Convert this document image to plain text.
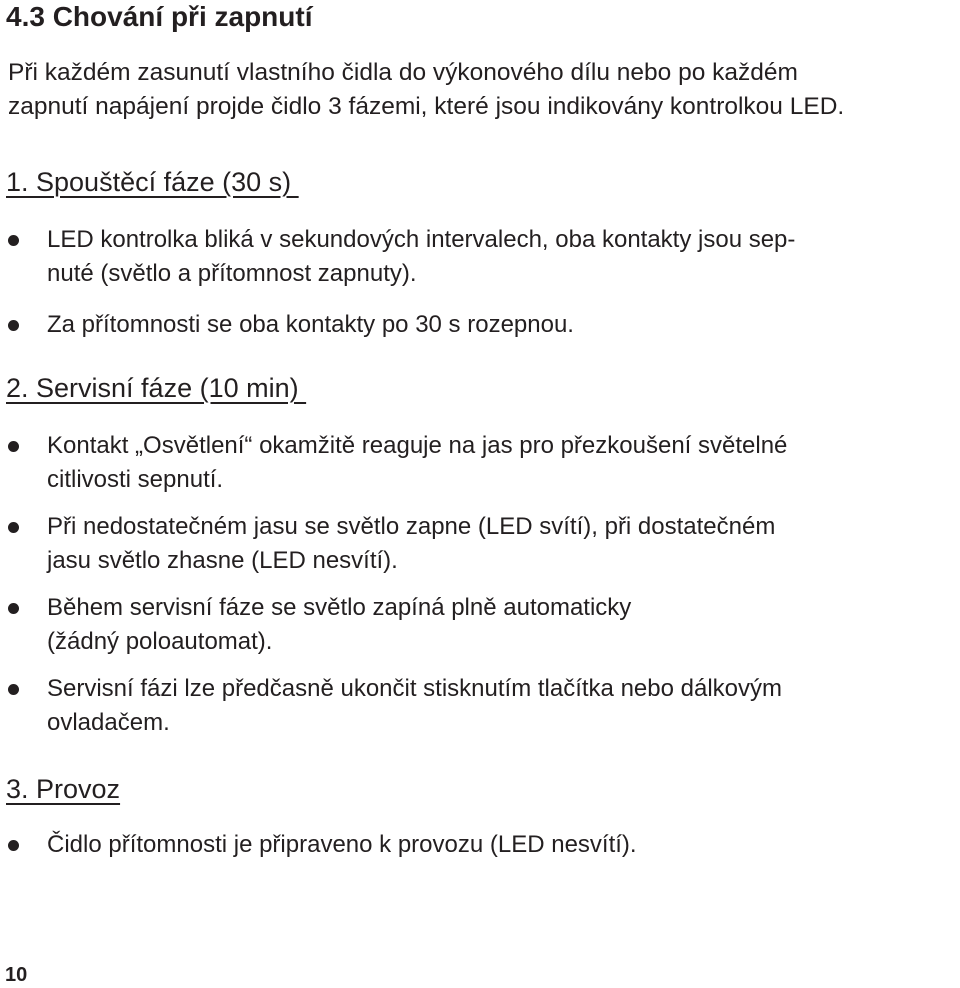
4.3 Chování při zapnutí
Při každém zasunutí vlastního čidla do výkonového dílu nebo po každém
zapnutí napájení projde čidlo 3 fázemi, které jsou indikovány kontrolkou LED.
1. Spouštěcí fáze (30 s)
LED kontrolka bliká v sekundových intervalech, oba kontakty jsou sep-
nuté (světlo a přítomnost zapnuty).
Za přítomnosti se oba kontakty po 30 s rozepnou.
2. Servisní fáze (10 min)
Kontakt „Osvětlení“ okamžitě reaguje na jas pro přezkoušení světelné
citlivosti sepnutí.
Při nedostatečném jasu se světlo zapne (LED svítí), při dostatečném
jasu světlo zhasne (LED nesvítí).
Během servisní fáze se světlo zapíná plně automaticky
(žádný poloautomat).
Servisní fázi lze předčasně ukončit stisknutím tlačítka nebo dálkovým
ovladačem.
3. Provoz
Čidlo přítomnosti je připraveno k provozu (LED nesvítí).
10
